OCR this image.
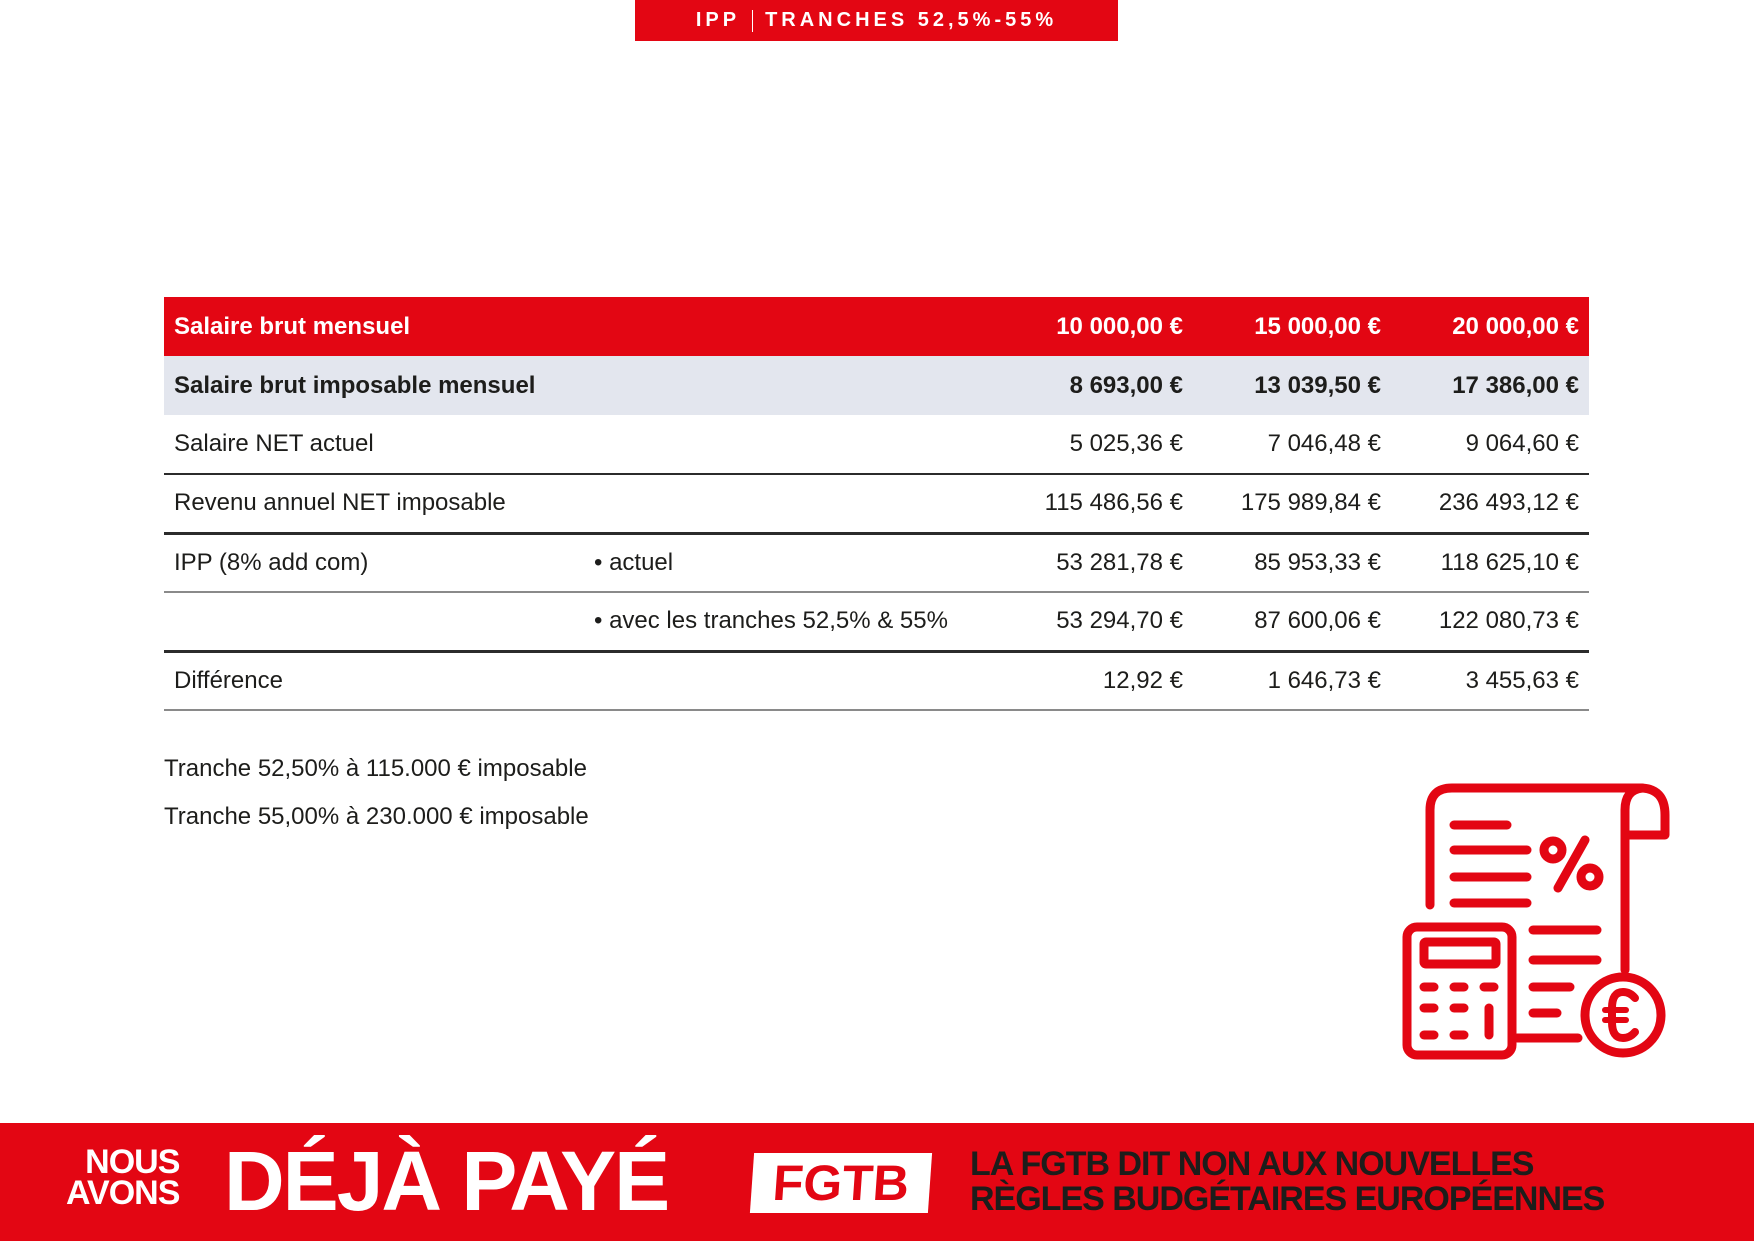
IPP TRANCHES 52,5%-55%
Salaire brut mensuel		10 000,00 €	15 000,00 €	20 000,00 €
Salaire brut imposable mensuel		8 693,00 €	13 039,50 €	17 386,00 €
Salaire NET actuel		5 025,36 €	7 046,48 €	9 064,60 €
Revenu annuel NET imposable		115 486,56 €	175 989,84 €	236 493,12 €
IPP (8% add com)	• actuel	53 281,78 €	85 953,33 €	118 625,10 €
	• avec les tranches 52,5% & 55%	53 294,70 €	87 600,06 €	122 080,73 €
Différence		12,92 €	1 646,73 €	3 455,63 €
Tranche 52,50% à 115.000 € imposable
Tranche 55,00% à 230.000 € imposable
NOUS
AVONS DÉJÀ PAYÉ	FGTB	LA FGTB DIT NON AUX NOUVELLES
RÈGLES BUDGÉTAIRES EUROPÉENNES
